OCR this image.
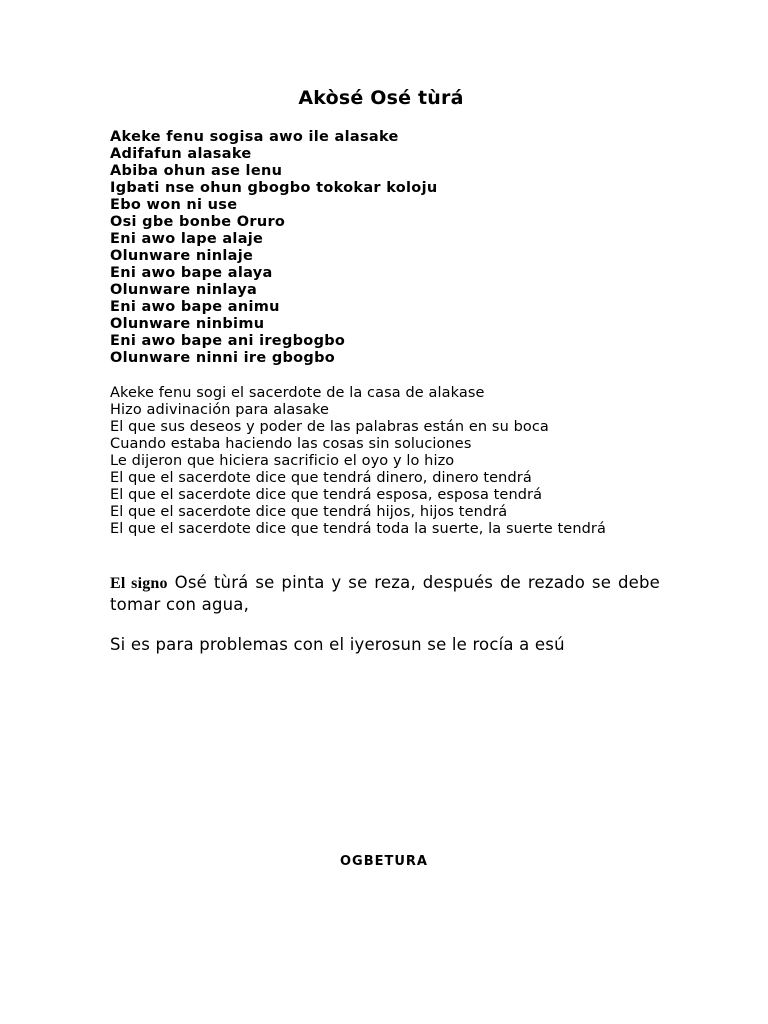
Akòsé Osé tùrá
Akeke fenu sogisa awo ile alasake
Adifafun alasake
Abiba ohun ase lenu
Igbati nse ohun gbogbo tokokar koloju
Ebo won ni use
Osi gbe bonbe Oruro
Eni awo lape alaje
Olunware ninlaje
Eni awo bape alaya
Olunware ninlaya
Eni awo bape animu
Olunware ninbimu
Eni awo bape ani iregbogbo
Olunware ninni ire gbogbo
Akeke fenu sogi el sacerdote de la casa de alakase
Hizo adivinación para alasake
El que sus deseos y poder de las palabras están en su boca
Cuando estaba haciendo las cosas sin soluciones
Le dijeron que hiciera sacrificio el oyo y lo hizo
El que el sacerdote dice que tendrá dinero, dinero tendrá
El que el sacerdote dice que tendrá esposa, esposa tendrá
El que el sacerdote dice que tendrá hijos, hijos tendrá
El que el sacerdote dice que tendrá toda la suerte, la suerte tendrá

El signo Osé tùrá se pinta y se reza, después de rezado se debe tomar con agua,

Si es para problemas con el iyerosun se le rocía a esú

OGBETURA
